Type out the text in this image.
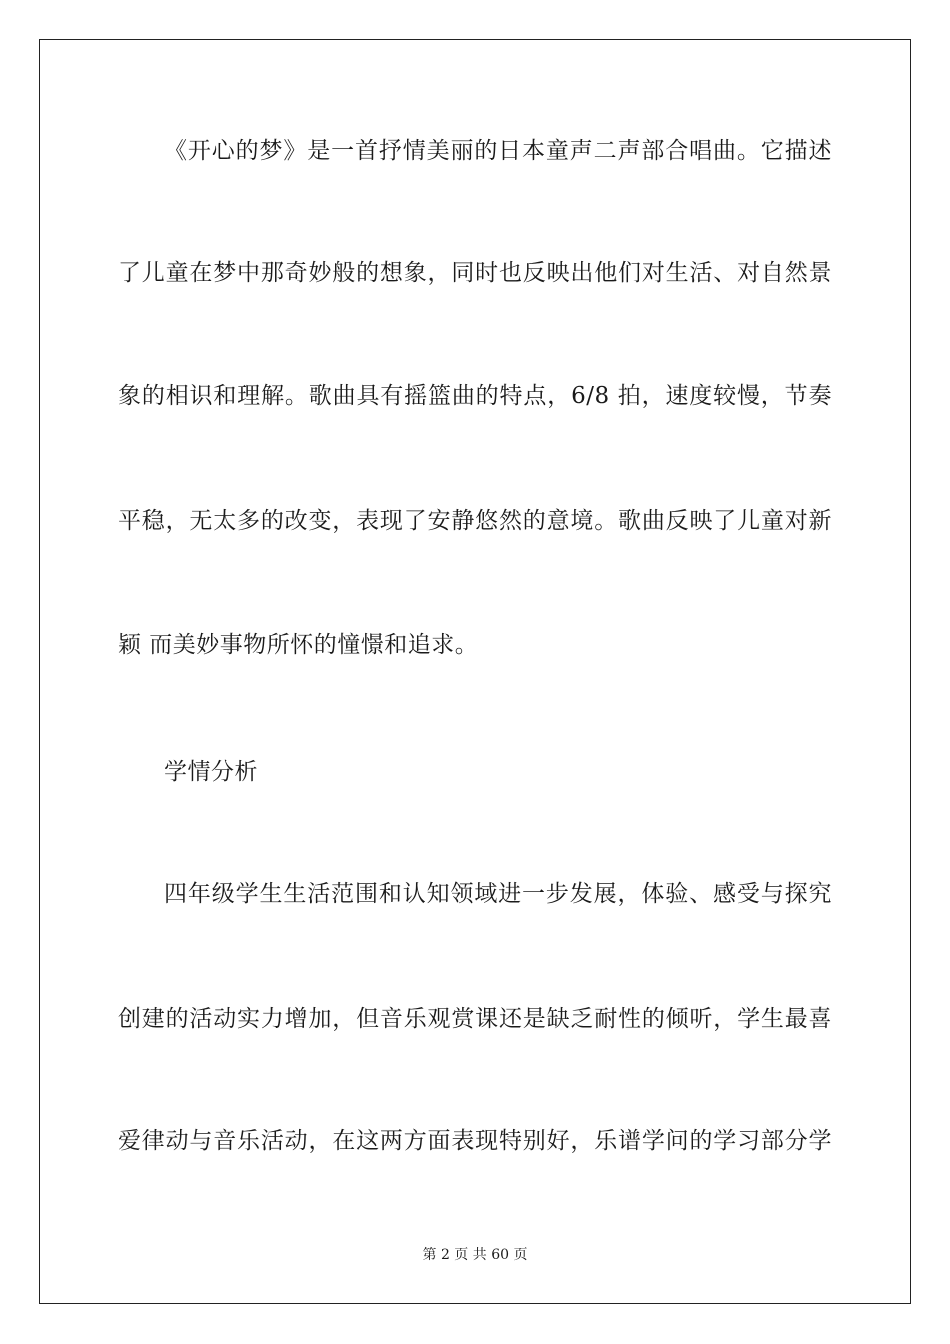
《开心的梦》是一首抒情美丽的日本童声二声部合唱曲。它描述
了儿童在梦中那奇妙般的想象，同时也反映出他们对生活、对自然景
象的相识和理解。歌曲具有摇篮曲的特点，6/8 拍，速度较慢，节奏
平稳，无太多的改变，表现了安静悠然的意境。歌曲反映了儿童对新
颖 而美妙事物所怀的憧憬和追求。
学情分析
四年级学生生活范围和认知领域进一步发展，体验、感受与探究
创建的活动实力增加，但音乐观赏课还是缺乏耐性的倾听，学生最喜
爱律动与音乐活动，在这两方面表现特别好，乐谱学问的学习部分学
第 2 页 共 60 页
